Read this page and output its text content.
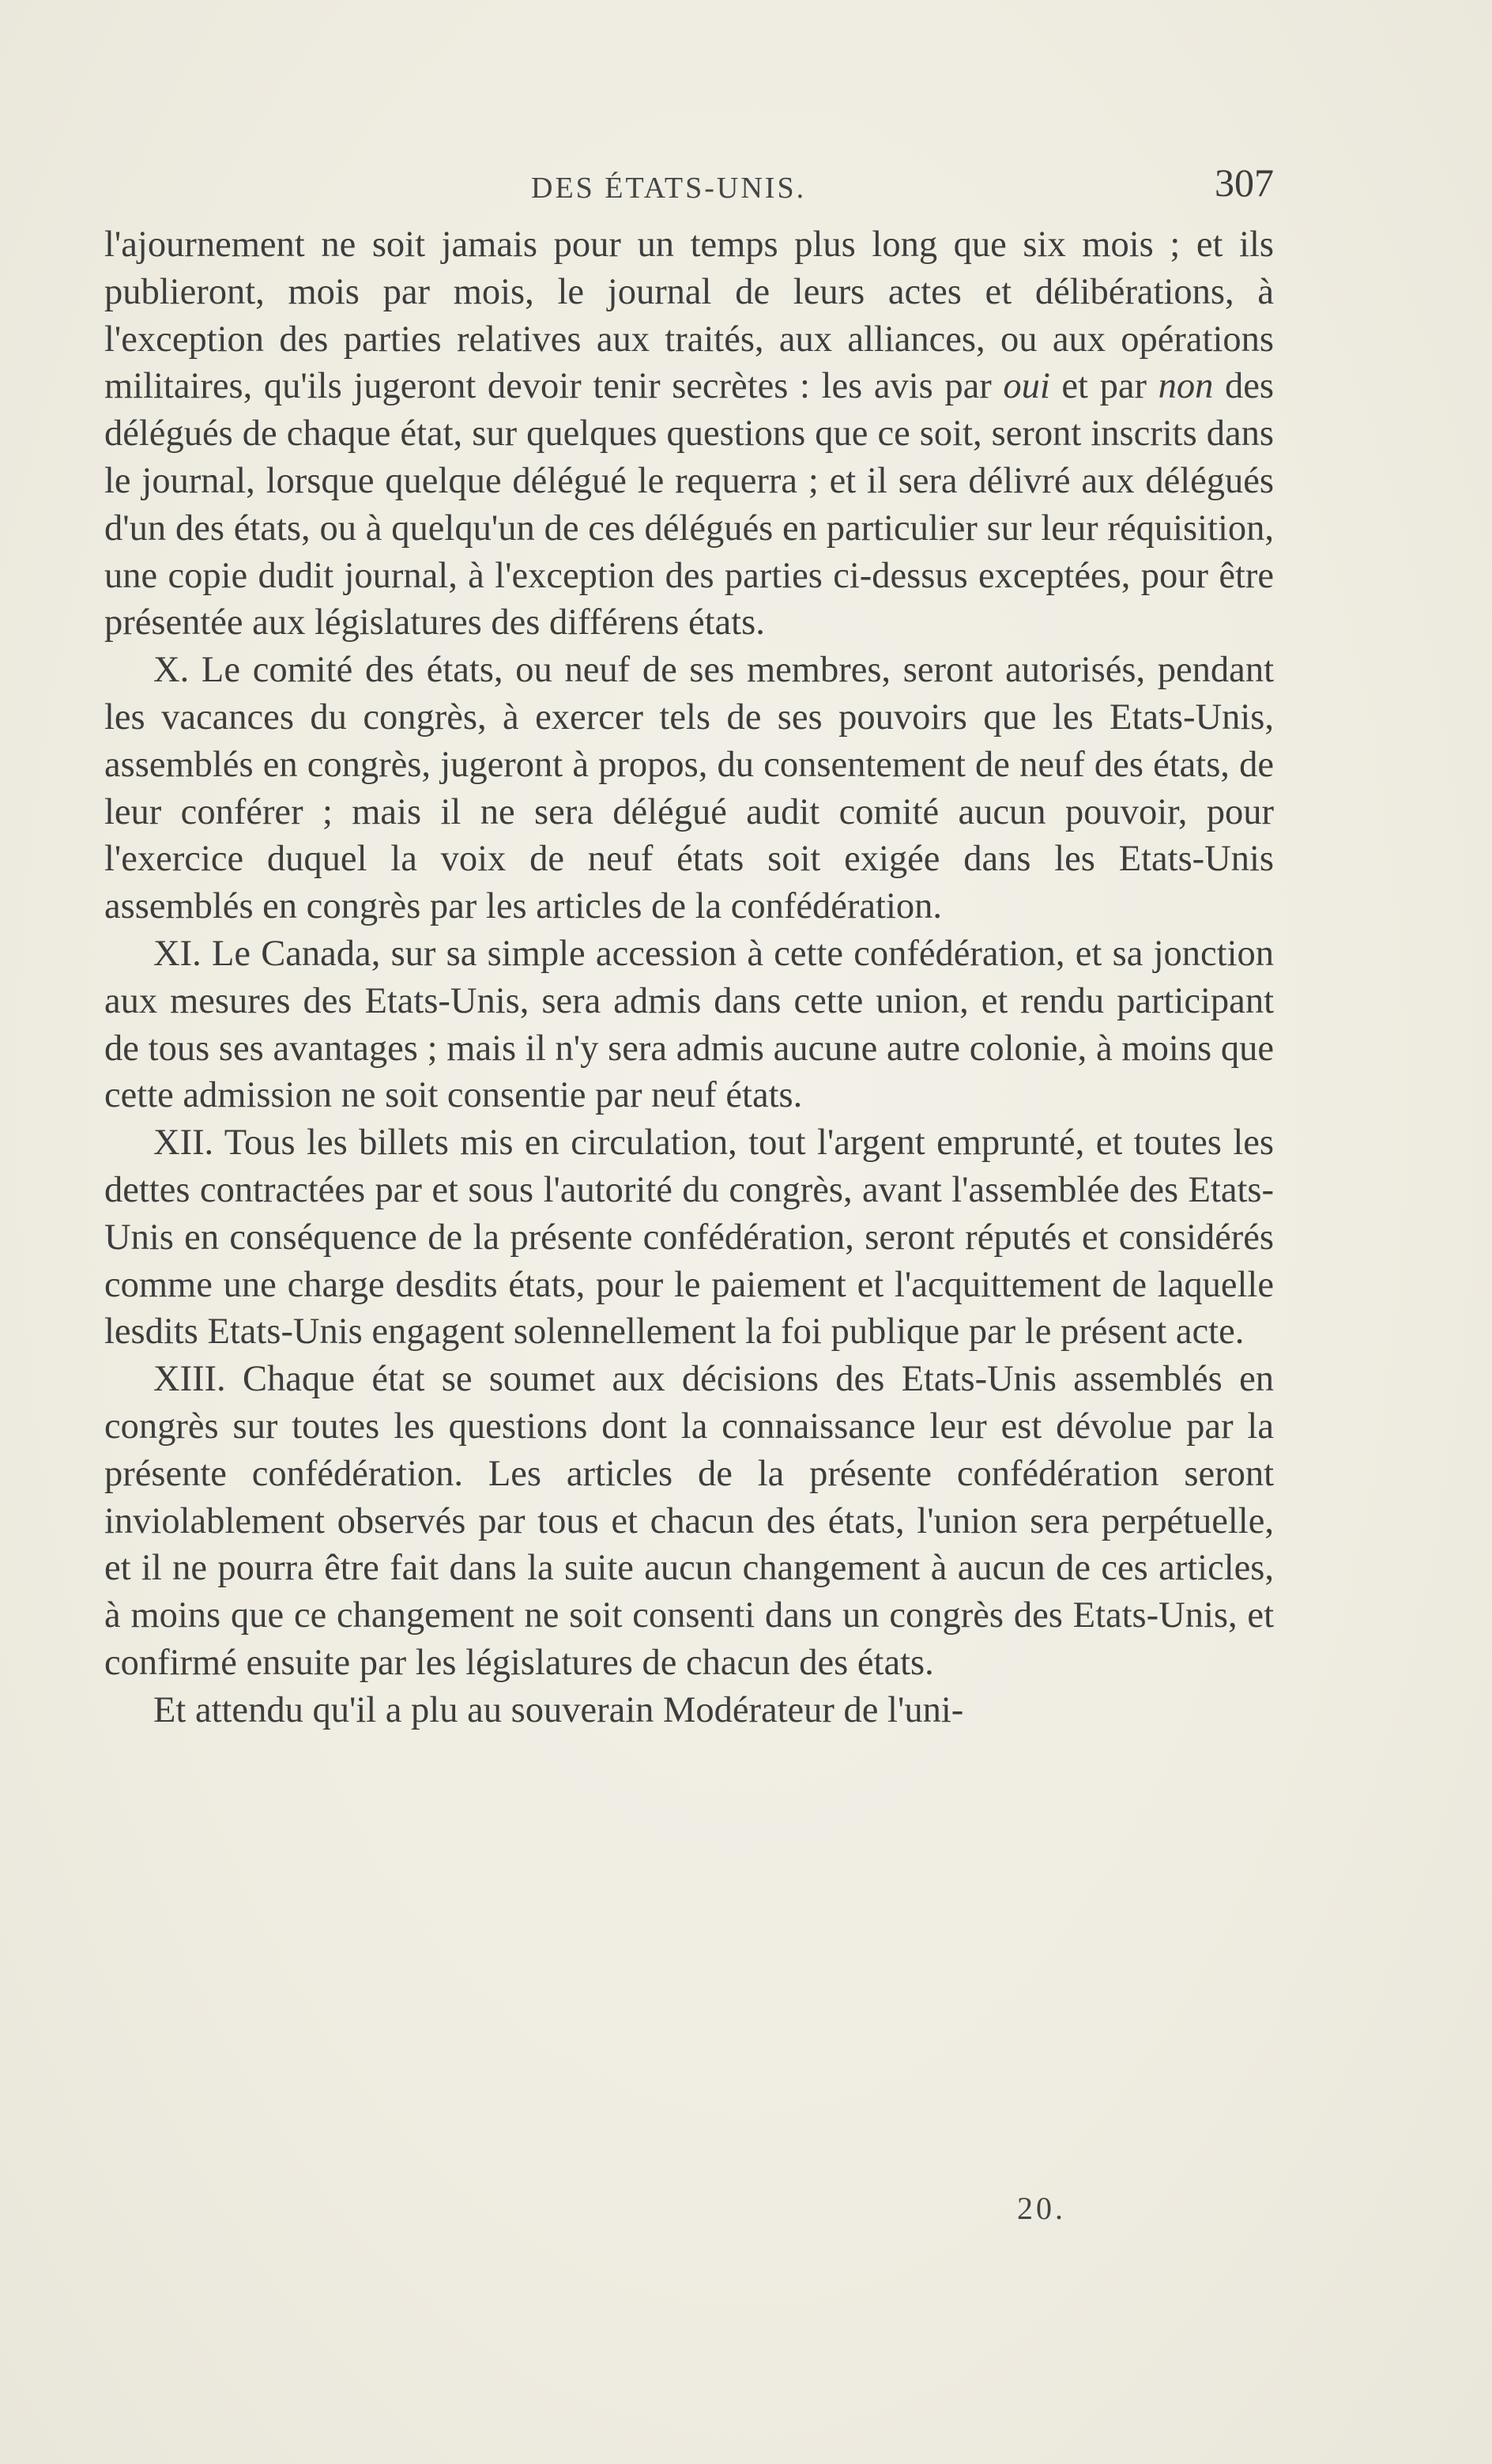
DES ÉTATS-UNIS.	307

l'ajournement ne soit jamais pour un temps plus long que six mois ; et ils publieront, mois par mois, le journal de leurs actes et délibérations, à l'exception des parties relatives aux traités, aux alliances, ou aux opérations militaires, qu'ils jugeront devoir tenir secrètes : les avis par oui et par non des délégués de chaque état, sur quelques questions que ce soit, seront inscrits dans le journal, lorsque quelque délégué le requerra ; et il sera délivré aux délégués d'un des états, ou à quelqu'un de ces délégués en particulier sur leur réquisition, une copie dudit journal, à l'exception des parties ci-dessus exceptées, pour être présentée aux législatures des différens états.

X. Le comité des états, ou neuf de ses membres, seront autorisés, pendant les vacances du congrès, à exercer tels de ses pouvoirs que les Etats-Unis, assemblés en congrès, jugeront à propos, du consentement de neuf des états, de leur conférer ; mais il ne sera délégué audit comité aucun pouvoir, pour l'exercice duquel la voix de neuf états soit exigée dans les Etats-Unis assemblés en congrès par les articles de la confédération.

XI. Le Canada, sur sa simple accession à cette confédération, et sa jonction aux mesures des Etats-Unis, sera admis dans cette union, et rendu participant de tous ses avantages ; mais il n'y sera admis aucune autre colonie, à moins que cette admission ne soit consentie par neuf états.

XII. Tous les billets mis en circulation, tout l'argent emprunté, et toutes les dettes contractées par et sous l'autorité du congrès, avant l'assemblée des Etats-Unis en conséquence de la présente confédération, seront réputés et considérés comme une charge desdits états, pour le paiement et l'acquittement de laquelle lesdits Etats-Unis engagent solennellement la foi publique par le présent acte.

XIII. Chaque état se soumet aux décisions des Etats-Unis assemblés en congrès sur toutes les questions dont la connaissance leur est dévolue par la présente confédération. Les articles de la présente confédération seront inviolablement observés par tous et chacun des états, l'union sera perpétuelle, et il ne pourra être fait dans la suite aucun changement à aucun de ces articles, à moins que ce changement ne soit consenti dans un congrès des Etats-Unis, et confirmé ensuite par les législatures de chacun des états.

Et attendu qu'il a plu au souverain Modérateur de l'uni-

20.
